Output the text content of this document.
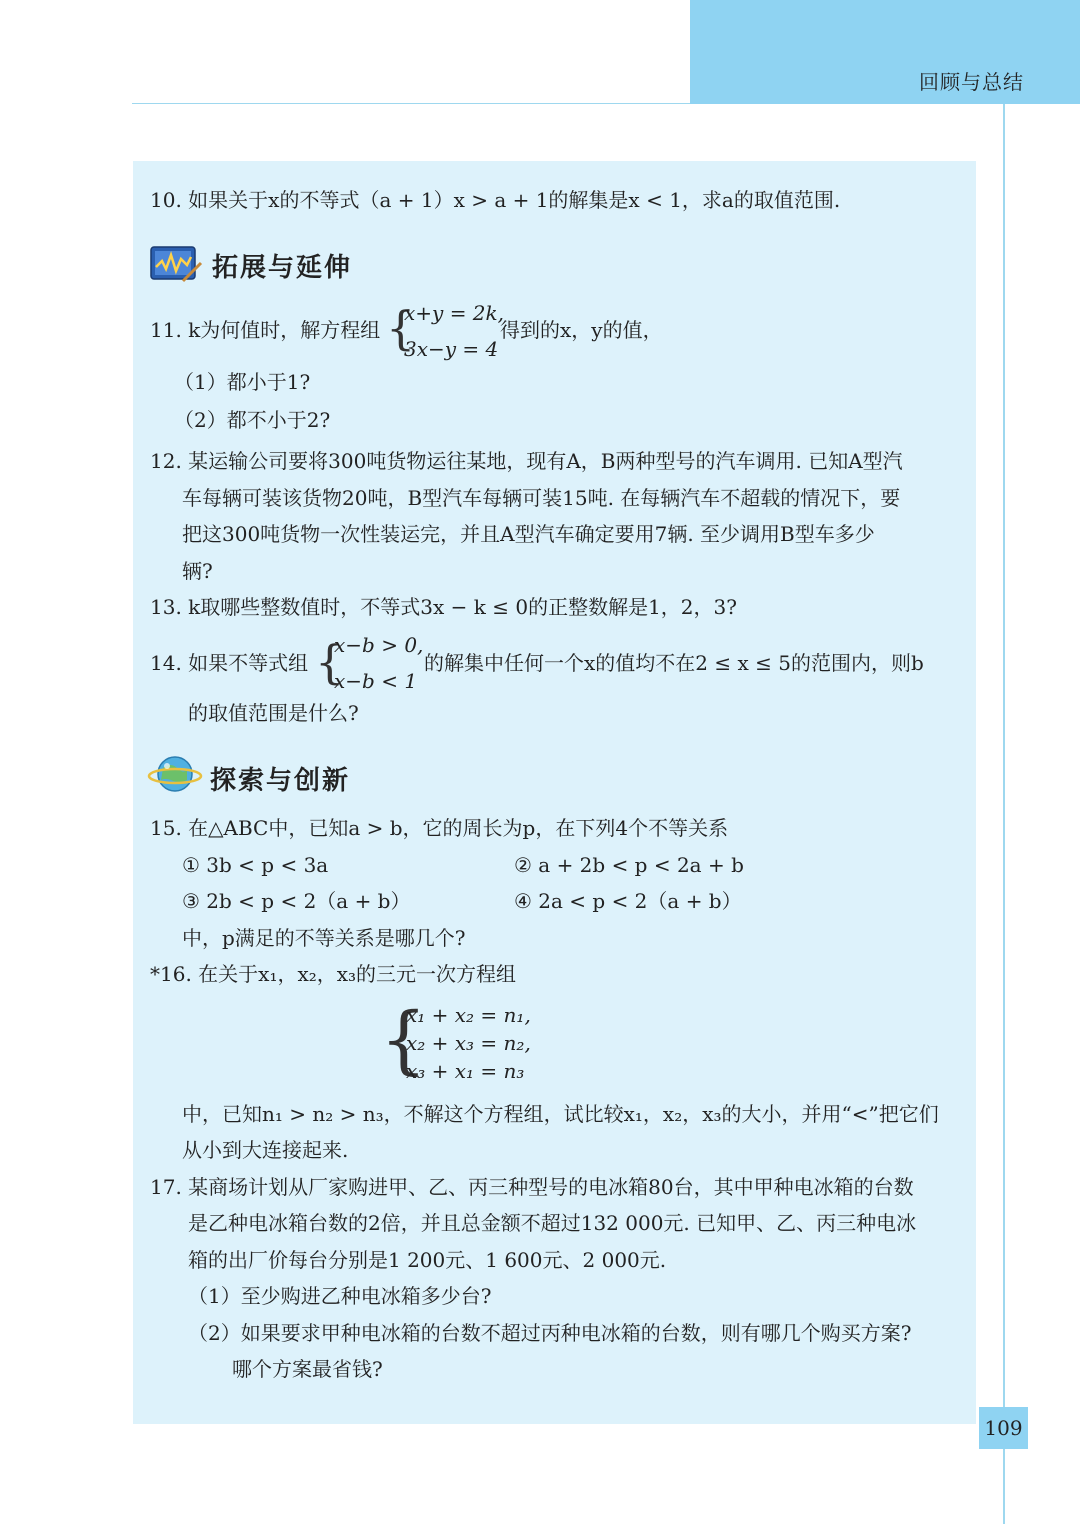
回顾与总结
10. 如果关于x的不等式（a + 1）x > a + 1的解集是x < 1，求a的取值范围.
拓展与延伸
11. k为何值时，解方程组 {
x+y = 2k,
3x−y = 4
得到的x，y的值，
（1）都小于1?
（2）都不小于2?
12. 某运输公司要将300吨货物运往某地，现有A，B两种型号的汽车调用. 已知A型汽
车每辆可装该货物20吨，B型汽车每辆可装15吨. 在每辆汽车不超载的情况下，要
把这300吨货物一次性装运完，并且A型汽车确定要用7辆. 至少调用B型车多少
辆?
13. k取哪些整数值时，不等式3x − k ≤ 0的正整数解是1，2，3?
14. 如果不等式组 {
x−b > 0,
x−b < 1
的解集中任何一个x的值均不在2 ≤ x ≤ 5的范围内，则b
的取值范围是什么?
探索与创新
15. 在△ABC中，已知a > b，它的周长为p，在下列4个不等关系
① 3b < p < 3a	② a + 2b < p < 2a + b
③ 2b < p < 2（a + b）	④ 2a < p < 2（a + b）
中，p满足的不等关系是哪几个?
*16. 在关于x₁，x₂，x₃的三元一次方程组
{
x₁ + x₂ = n₁,
x₂ + x₃ = n₂,
x₃ + x₁ = n₃
中，已知n₁ > n₂ > n₃，不解这个方程组，试比较x₁，x₂，x₃的大小，并用“<”把它们
从小到大连接起来.
17. 某商场计划从厂家购进甲、乙、丙三种型号的电冰箱80台，其中甲种电冰箱的台数
是乙种电冰箱台数的2倍，并且总金额不超过132 000元. 已知甲、乙、丙三种电冰
箱的出厂价每台分别是1 200元、1 600元、2 000元.
（1）至少购进乙种电冰箱多少台?
（2）如果要求甲种电冰箱的台数不超过丙种电冰箱的台数，则有哪几个购买方案?
哪个方案最省钱?
109
